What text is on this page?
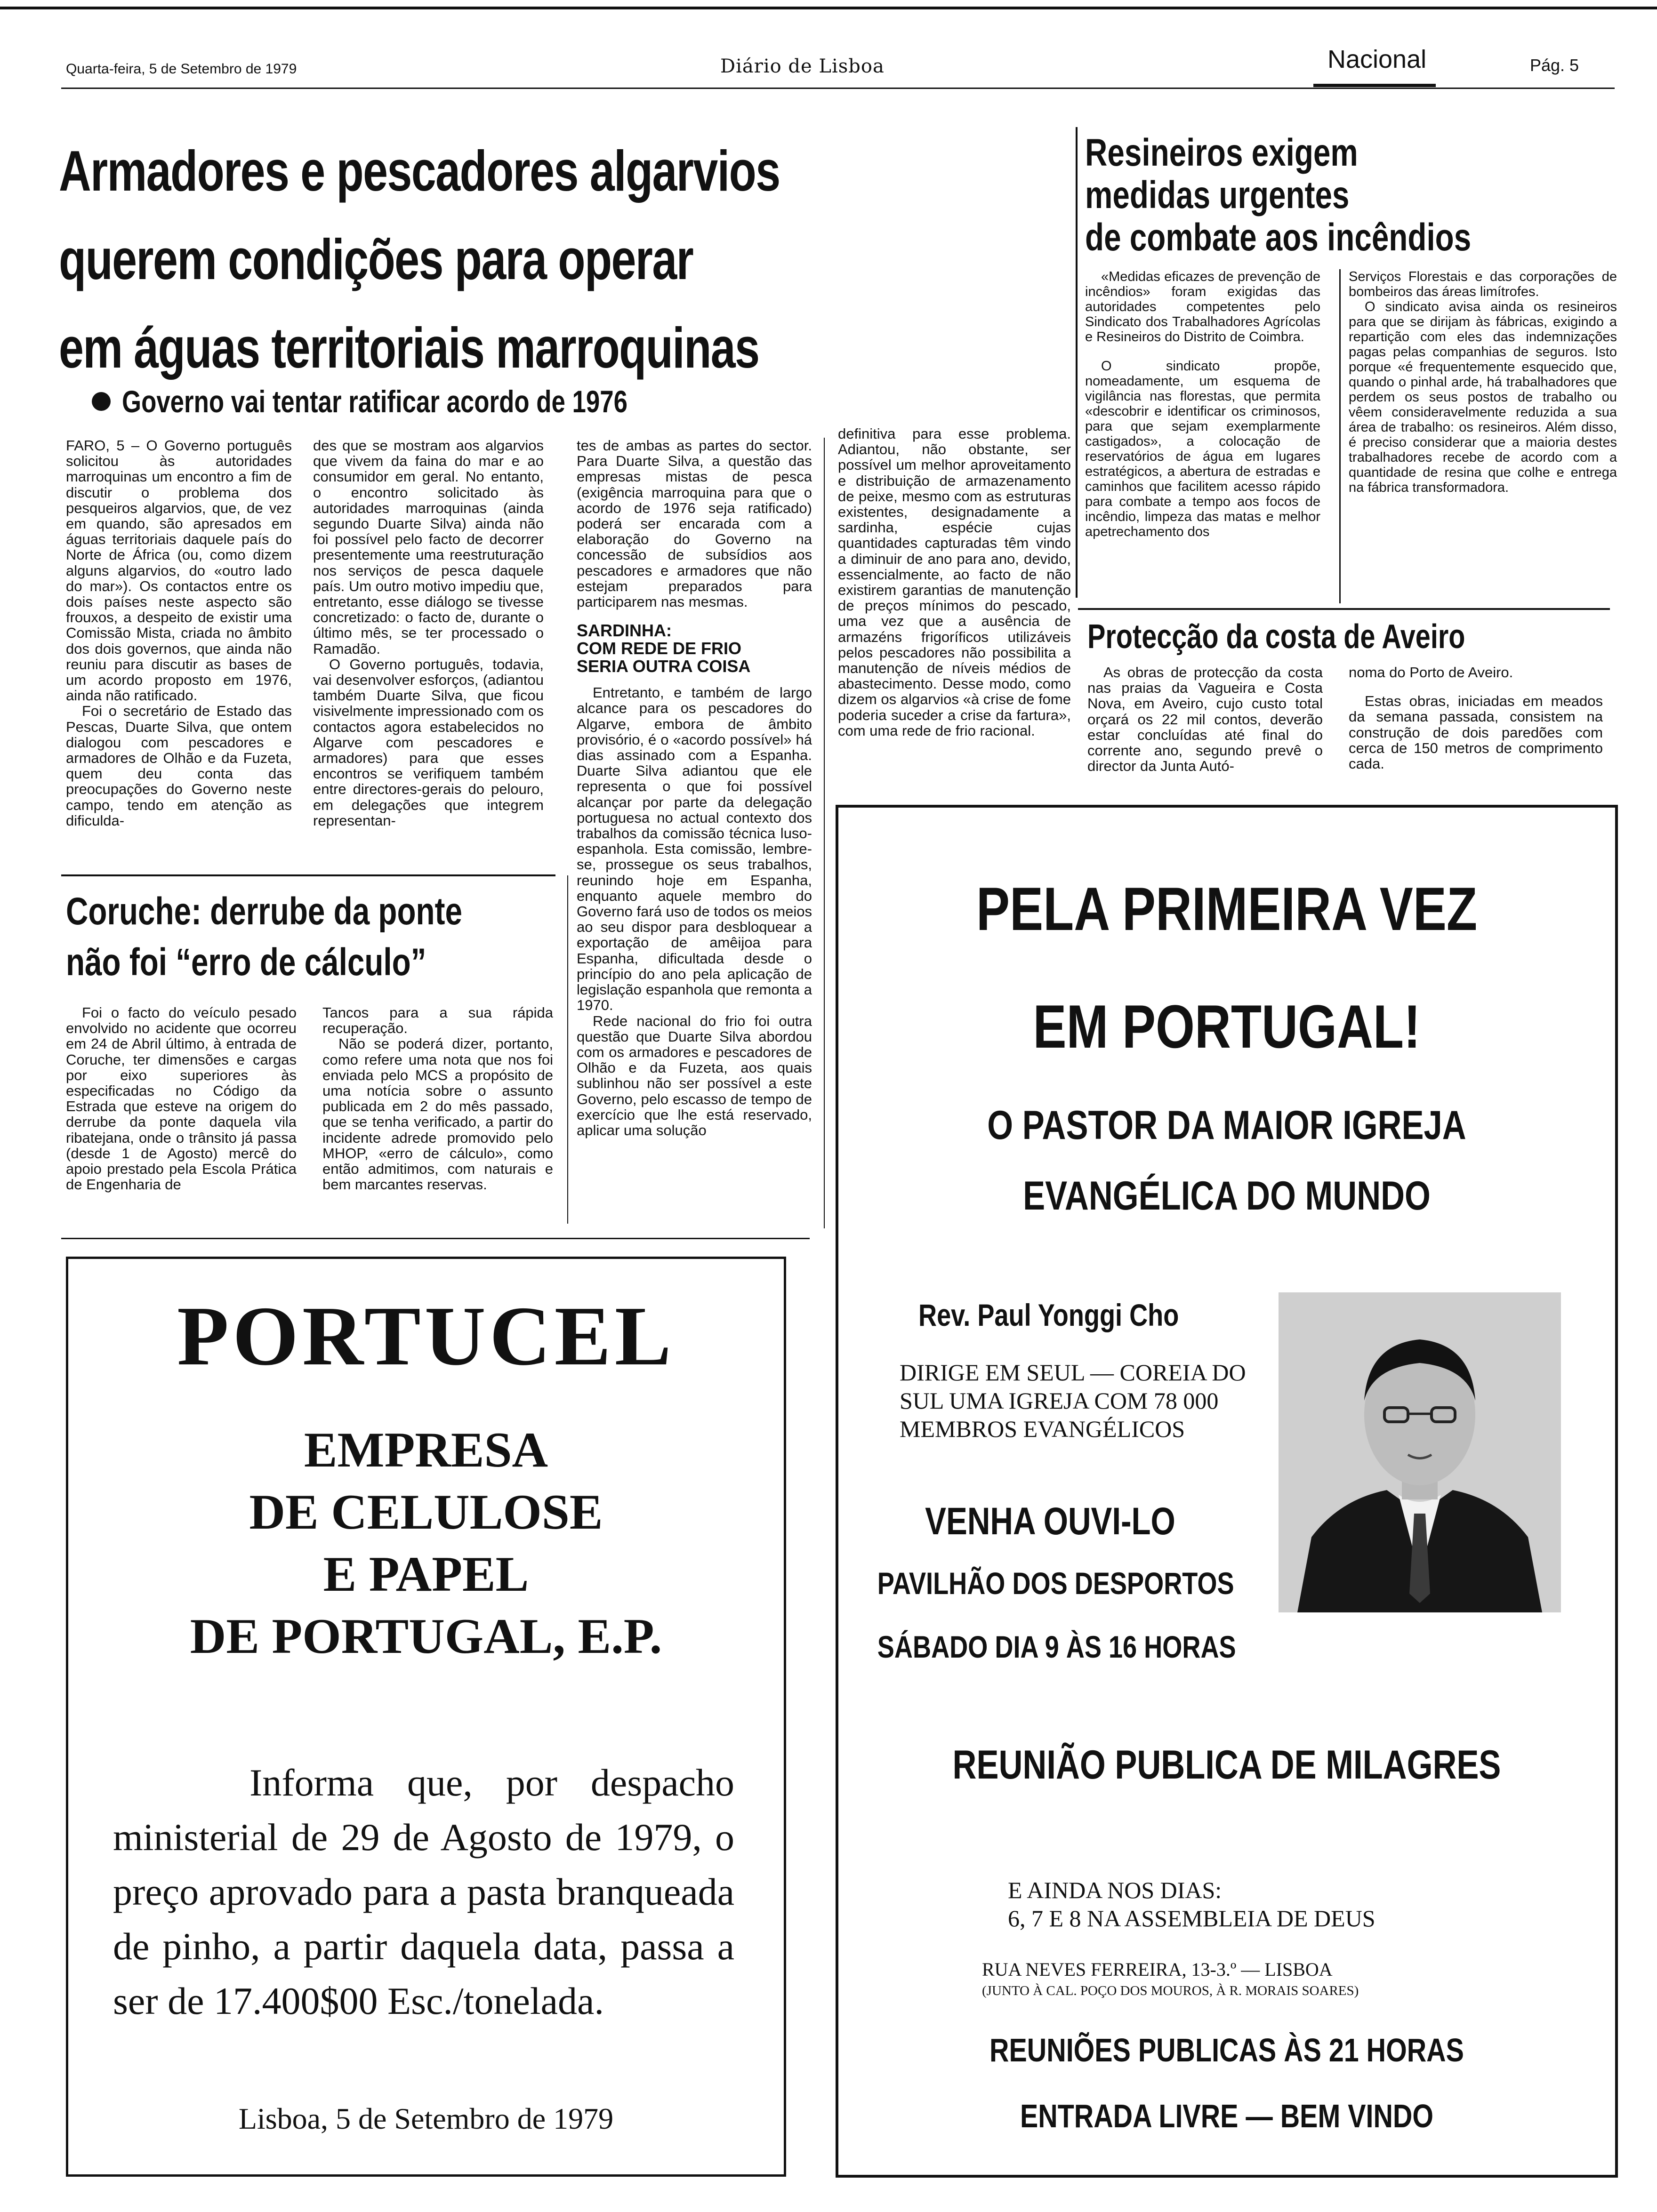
Quarta-feira, 5 de Setembro de 1979	Diário de Lisboa	Nacional	Pág. 5
Armadores e pescadores algarvios
querem condições para operar
em águas territoriais marroquinas
Governo vai tentar ratificar acordo de 1976

FARO, 5 – O Governo português solicitou às autoridades marroquinas um encontro a fim de discutir o problema dos pesqueiros algarvios, que, de vez em quando, são apresados em águas territoriais daquele país do Norte de África (ou, como dizem alguns algarvios, do «outro lado do mar»). Os contactos entre os dois países neste aspecto são frouxos, a despeito de existir uma Comissão Mista, criada no âmbito dos dois governos, que ainda não reuniu para discutir as bases de um acordo proposto em 1976, ainda não ratificado.

Foi o secretário de Estado das Pescas, Duarte Silva, que ontem dialogou com pescadores e armadores de Olhão e da Fuzeta, quem deu conta das preocupações do Governo neste campo, tendo em atenção as dificulda-

des que se mostram aos algarvios que vivem da faina do mar e ao consumidor em geral. No entanto, o encontro solicitado às autoridades marroquinas (ainda segundo Duarte Silva) ainda não foi possível pelo facto de decorrer presentemente uma reestruturação nos serviços de pesca daquele país. Um outro motivo impediu que, entretanto, esse diálogo se tivesse concretizado: o facto de, durante o último mês, se ter processado o Ramadão.

O Governo português, todavia, vai desenvolver esforços, (adiantou também Duarte Silva, que ficou visivelmente impressionado com os contactos agora estabelecidos no Algarve com pescadores e armadores) para que esses encontros se verifiquem também entre directores-gerais do pelouro, em delegações que integrem representan-

tes de ambas as partes do sector. Para Duarte Silva, a questão das empresas mistas de pesca (exigência marroquina para que o acordo de 1976 seja ratificado) poderá ser encarada com a elaboração do Governo na concessão de subsídios aos pescadores e armadores que não estejam preparados para participarem nas mesmas.

SARDINHA:
COM REDE DE FRIO
SERIA OUTRA COISA

Entretanto, e também de largo alcance para os pescadores do Algarve, embora de âmbito provisório, é o «acordo possível» há dias assinado com a Espanha. Duarte Silva adiantou que ele representa o que foi possível alcançar por parte da delegação portuguesa no actual contexto dos trabalhos da comissão técnica luso-espanhola. Esta comissão, lembre-se, prossegue os seus trabalhos, reunindo hoje em Espanha, enquanto aquele membro do Governo fará uso de todos os meios ao seu dispor para desbloquear a exportação de amêijoa para Espanha, dificultada desde o princípio do ano pela aplicação de legislação espanhola que remonta a 1970.

Rede nacional do frio foi outra questão que Duarte Silva abordou com os armadores e pescadores de Olhão e da Fuzeta, aos quais sublinhou não ser possível a este Governo, pelo escasso de tempo de exercício que lhe está reservado, aplicar uma solução

definitiva para esse problema. Adiantou, não obstante, ser possível um melhor aproveitamento e distribuição de armazenamento de peixe, mesmo com as estruturas existentes, designadamente a sardinha, espécie cujas quantidades capturadas têm vindo a diminuir de ano para ano, devido, essencialmente, ao facto de não existirem garantias de manutenção de preços mínimos do pescado, uma vez que a ausência de armazéns frigoríficos utilizáveis pelos pescadores não possibilita a manutenção de níveis médios de abastecimento. Desse modo, como dizem os algarvios «à crise de fome poderia suceder a crise da fartura», com uma rede de frio racional.

Coruche: derrube da ponte
não foi “erro de cálculo”

Foi o facto do veículo pesado envolvido no acidente que ocorreu em 24 de Abril último, à entrada de Coruche, ter dimensões e cargas por eixo superiores às especificadas no Código da Estrada que esteve na origem do derrube da ponte daquela vila ribatejana, onde o trânsito já passa (desde 1 de Agosto) mercê do apoio prestado pela Escola Prática de Engenharia de

Tancos para a sua rápida recuperação.

Não se poderá dizer, portanto, como refere uma nota que nos foi enviada pelo MCS a propósito de uma notícia sobre o assunto publicada em 2 do mês passado, que se tenha verificado, a partir do incidente adrede promovido pelo MHOP, «erro de cálculo», como então admitimos, com naturais e bem marcantes reservas.

Resineiros exigem
medidas urgentes
de combate aos incêndios

«Medidas eficazes de prevenção de incêndios» foram exigidas das autoridades competentes pelo Sindicato dos Trabalhadores Agrícolas e Resineiros do Distrito de Coimbra.

O sindicato propõe, nomeadamente, um esquema de vigilância nas florestas, que permita «descobrir e identificar os criminosos, para que sejam exemplarmente castigados», a colocação de reservatórios de água em lugares estratégicos, a abertura de estradas e caminhos que facilitem acesso rápido para combate a tempo aos focos de incêndio, limpeza das matas e melhor apetrechamento dos

Serviços Florestais e das corporações de bombeiros das áreas limítrofes.

O sindicato avisa ainda os resineiros para que se dirijam às fábricas, exigindo a repartição com eles das indemnizações pagas pelas companhias de seguros. Isto porque «é frequentemente esquecido que, quando o pinhal arde, há trabalhadores que perdem os seus postos de trabalho ou vêem consideravelmente reduzida a sua área de trabalho: os resineiros. Além disso, é preciso considerar que a maioria destes trabalhadores recebe de acordo com a quantidade de resina que colhe e entrega na fábrica transformadora.

Protecção da costa de Aveiro

As obras de protecção da costa nas praias da Vagueira e Costa Nova, em Aveiro, cujo custo total orçará os 22 mil contos, deverão estar concluídas até final do corrente ano, segundo prevê o director da Junta Autó-

noma do Porto de Aveiro.

Estas obras, iniciadas em meados da semana passada, consistem na construção de dois paredões com cerca de 150 metros de comprimento cada.

PORTUCEL
EMPRESA
DE CELULOSE
E PAPEL
DE PORTUGAL, E.P.
Informa que, por despacho ministerial de 29 de Agosto de 1979, o preço aprovado para a pasta branqueada de pinho, a partir daquela data, passa a ser de 17.400$00 Esc./tonelada.
Lisboa, 5 de Setembro de 1979
PELA PRIMEIRA VEZ
EM PORTUGAL!
O PASTOR DA MAIOR IGREJA
EVANGÉLICA DO MUNDO
Rev. Paul Yonggi Cho
DIRIGE EM SEUL — COREIA DO
SUL UMA IGREJA COM 78 000
MEMBROS EVANGÉLICOS
VENHA OUVI-LO
PAVILHÃO DOS DESPORTOS
SÁBADO DIA 9 ÀS 16 HORAS
REUNIÃO PUBLICA DE MILAGRES
E AINDA NOS DIAS:
6, 7 E 8 NA ASSEMBLEIA DE DEUS
RUA NEVES FERREIRA, 13-3.º — LISBOA
(JUNTO À CAL. POÇO DOS MOUROS, À R. MORAIS SOARES)
REUNIÕES PUBLICAS ÀS 21 HORAS
ENTRADA LIVRE — BEM VINDO
